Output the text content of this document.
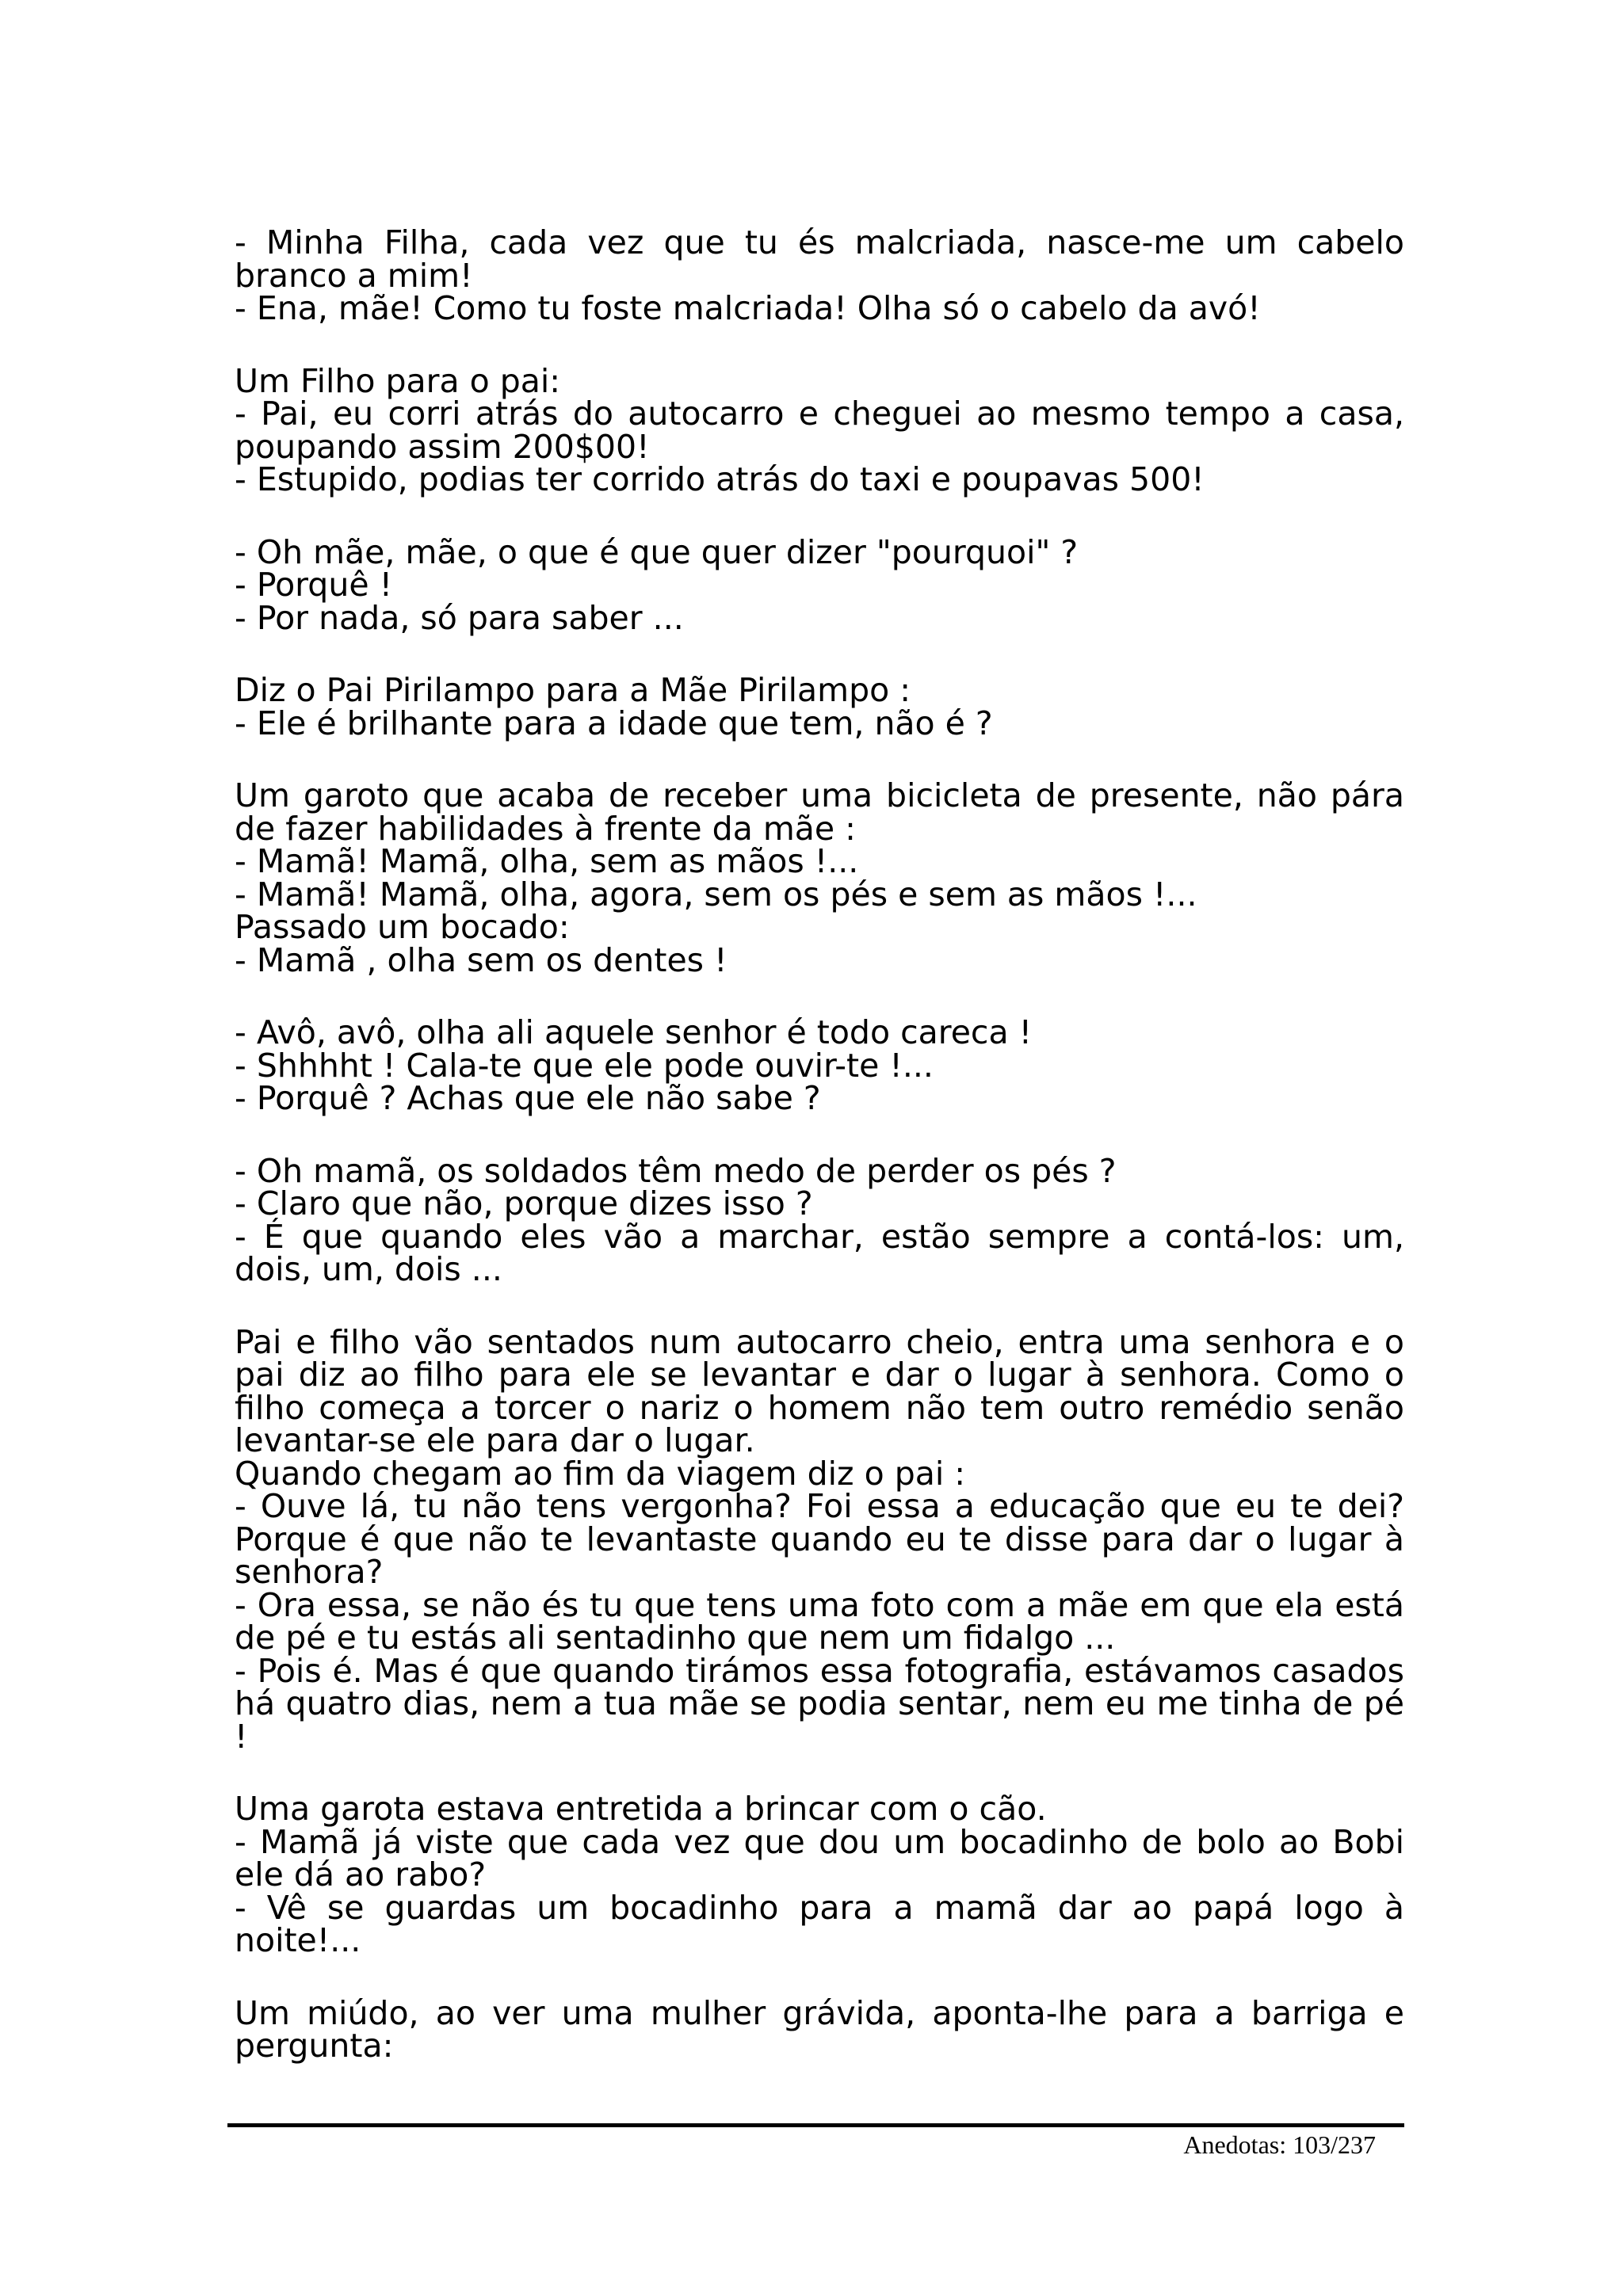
- Minha Filha, cada vez que tu és malcriada, nasce-me um cabelo branco a mim!
- Ena, mãe! Como tu foste malcriada! Olha só o cabelo da avó!
Um Filho para o pai:
- Pai, eu corri atrás do autocarro e cheguei ao mesmo tempo a casa, poupando assim 200$00!
- Estupido, podias ter corrido atrás do taxi e poupavas 500!
- Oh mãe, mãe, o que é que quer dizer "pourquoi" ?
- Porquê !
- Por nada, só para saber ...
Diz o Pai Pirilampo para a Mãe Pirilampo :
- Ele é brilhante para a idade que tem, não é ?
Um garoto que acaba de receber uma bicicleta de presente, não pára de fazer habilidades à frente da mãe :
- Mamã! Mamã, olha, sem as mãos !...
- Mamã! Mamã, olha, agora, sem os pés e sem as mãos !...
Passado um bocado:
- Mamã , olha sem os dentes !
- Avô, avô, olha ali aquele senhor é todo careca !
- Shhhht ! Cala-te que ele pode ouvir-te !...
- Porquê ? Achas que ele não sabe ?
- Oh mamã, os soldados têm medo de perder os pés ?
- Claro que não, porque dizes isso ?
- É que quando eles vão a marchar, estão sempre a contá-los: um, dois, um, dois ...
Pai e filho vão sentados num autocarro cheio, entra uma senhora e o pai diz ao filho para ele se levantar e dar o lugar à senhora. Como o filho começa a torcer o nariz o homem não tem outro remédio senão levantar-se ele para dar o lugar.
Quando chegam ao fim da viagem diz o pai :
- Ouve lá, tu não tens vergonha? Foi essa a educação que eu te dei? Porque é que não te levantaste quando eu te disse para dar o lugar à senhora?
- Ora essa, se não és tu que tens uma foto com a mãe em que ela está de pé e tu estás ali sentadinho que nem um fidalgo ...
- Pois é. Mas é que quando tirámos essa fotografia, estávamos casados há quatro dias, nem a tua mãe se podia sentar, nem eu me tinha de pé !
Uma garota estava entretida a brincar com o cão.
- Mamã já viste que cada vez que dou um bocadinho de bolo ao Bobi ele dá ao rabo?
- Vê se guardas um bocadinho para a mamã dar ao papá logo à noite!...
Um miúdo, ao ver uma mulher grávida, aponta-lhe para a barriga e pergunta:
Anedotas: 103/237
